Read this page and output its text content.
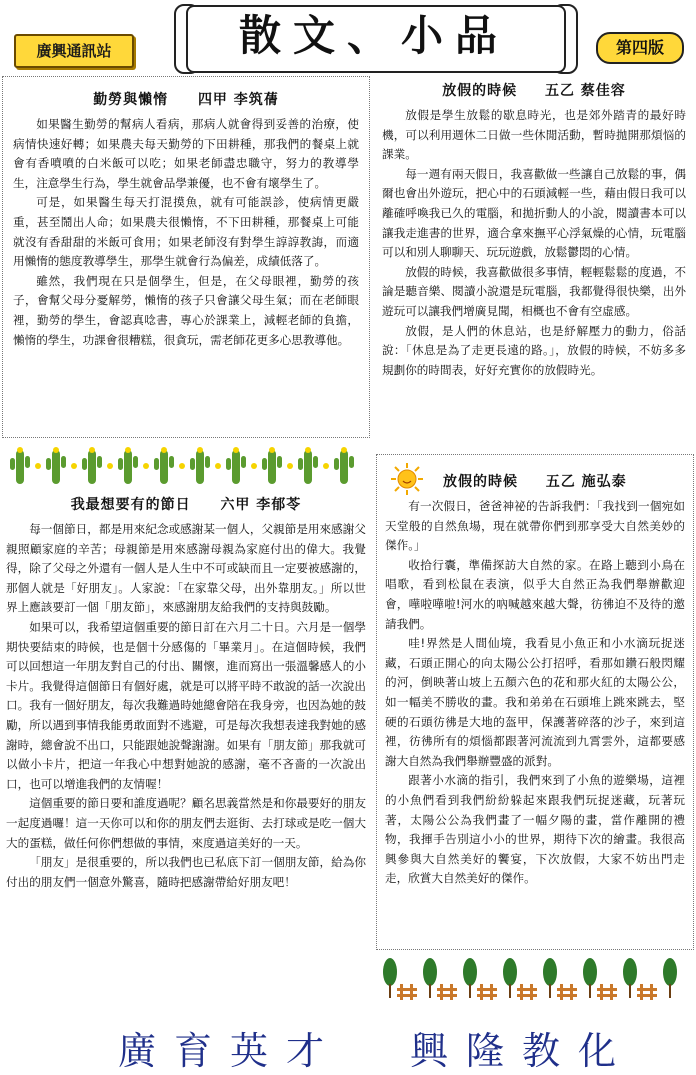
廣興通訊站	散文、小品	第四版
勤勞與懶惰 四甲 李筑蒨

如果醫生勤勞的幫病人看病，那病人就會得到妥善的治療，使病情快速好轉；如果農夫每天勤勞的下田耕種，那我們的餐桌上就會有香噴噴的白米飯可以吃；如果老師盡忠職守，努力的教導學生，注意學生行為，學生就會品學兼優，也不會有壞學生了。

可是，如果醫生每天打混摸魚，就有可能誤診，使病情更嚴重，甚至鬧出人命；如果農夫很懶惰，不下田耕種，那餐桌上可能就沒有香甜甜的米飯可食用；如果老師沒有對學生諄諄教誨，而適用懶惰的態度教導學生，那學生就會行為偏差，成績低落了。

雖然，我們現在只是個學生，但是，在父母眼裡，勤勞的孩子，會幫父母分憂解勞，懶惰的孩子只會讓父母生氣；而在老師眼裡，勤勞的學生，會認真唸書，專心於課業上，減輕老師的負擔，懶惰的學生，功課會很糟糕，很貪玩，需老師花更多心思教導他。

我最想要有的節日 六甲 李郁苓

每一個節日，都是用來紀念或感謝某一個人，父親節是用來感謝父親照顧家庭的辛苦；母親節是用來感謝母親為家庭付出的偉大。我覺得，除了父母之外還有一個人是人生中不可或缺而且一定要被感謝的，那個人就是「好朋友」。人家說：「在家靠父母，出外靠朋友。」所以世界上應該要訂一個「朋友節」，來感謝朋友給我們的支持與鼓勵。

如果可以，我希望這個重要的節日訂在六月二十日。六月是一個學期快要結束的時候，也是個十分感傷的「畢業月」。在這個時候，我們可以回想這一年朋友對自己的付出、關懷，進而寫出一張溫馨感人的小卡片。我覺得這個節日有個好處，就是可以將平時不敢說的話一次說出口。我有一個好朋友，每次我難過時她總會陪在我身旁，也因為她的鼓勵，所以遇到事情我能勇敢面對不逃避，可是每次我想表達我對她的感謝時，總會說不出口，只能跟她說聲謝謝。如果有「朋友節」那我就可以做小卡片，把這一年我心中想對她說的感謝，毫不吝嗇的一次說出口，也可以增進我們的友情喔！

這個重要的節日要和誰度過呢？顧名思義當然是和你最要好的朋友一起度過囉！這一天你可以和你的朋友們去逛街、去打球或是吃一個大大的蛋糕，做任何你們想做的事情，來度過這美好的一天。

「朋友」是很重要的，所以我們也已私底下訂一個朋友節，給為你付出的朋友們一個意外驚喜，隨時把感謝帶給好朋友吧！

放假的時候 五乙 蔡佳容

放假是學生放鬆的歇息時光，也是郊外踏青的最好時機，可以利用週休二日做一些休閒活動，暫時拋開那煩悩的課業。

每一週有兩天假日，我喜歡做一些讓自己放鬆的事，偶爾也會出外遊玩，把心中的石頭減輕一些，藉由假日我可以離確呼喚我已久的電腦，和拋折動人的小說，閱讀書本可以讓我走進書的世界，適合拿來撫平心浮氣燥的心情，玩電腦可以和別人聊聊天、玩玩遊戲，放鬆鬱悶的心情。

放假的時候，我喜歡做很多事情，輕輕鬆鬆的度過，不論是聽音樂、閱讀小說還是玩電腦，我都覺得很快樂，出外遊玩可以讓我們增廣見聞，相概也不會有空虛感。

放假，是人們的休息站，也是紓解壓力的動力，俗話說：「休息是為了走更長遠的路。」，放假的時候，不妨多多規劃你的時間表，好好充實你的放假時光。

放假的時候 五乙 施弘泰

有一次假日，爸爸神祕的告訴我們：「我找到一個宛如天堂般的自然魚場，現在就帶你們到那享受大自然美妙的傑作。」

收拾行囊，準備探訪大自然的家。在路上聽到小鳥在唱歌，看到松鼠在表演，似乎大自然正為我們舉辦歡迎會，嘩啦嘩啦!河水的吶喊越來越大聲，彷彿迫不及待的邀請我們。

哇!界然是人間仙境，我看見小魚正和小水滴玩捉迷藏，石頭正開心的向太陽公公打招呼，看那如鑽石般閃耀的河，倒映著山坡上五顏六色的花和那火紅的太陽公公，如一幅美不勝收的畫。我和弟弟在石頭堆上跳來跳去，堅硬的石頭彷彿是大地的盔甲，保護著碎落的沙子，來到這裡，彷彿所有的煩惱都跟著河流流到九霄雲外，這都要感謝大自然為我們舉辦豐盛的派對。

跟著小水滴的指引，我們來到了小魚的遊樂場，這裡的小魚們看到我們紛紛躲起來跟我們玩捉迷藏，玩著玩著，太陽公公為我們畫了一幅夕陽的畫，當作離開的禮物，我揮手告別這小小的世界，期待下次的繪畫。我很高興參與大自然美好的饗宴，下次放假，大家不妨出門走走，欣賞大自然美好的傑作。

廣育英才 興隆教化
